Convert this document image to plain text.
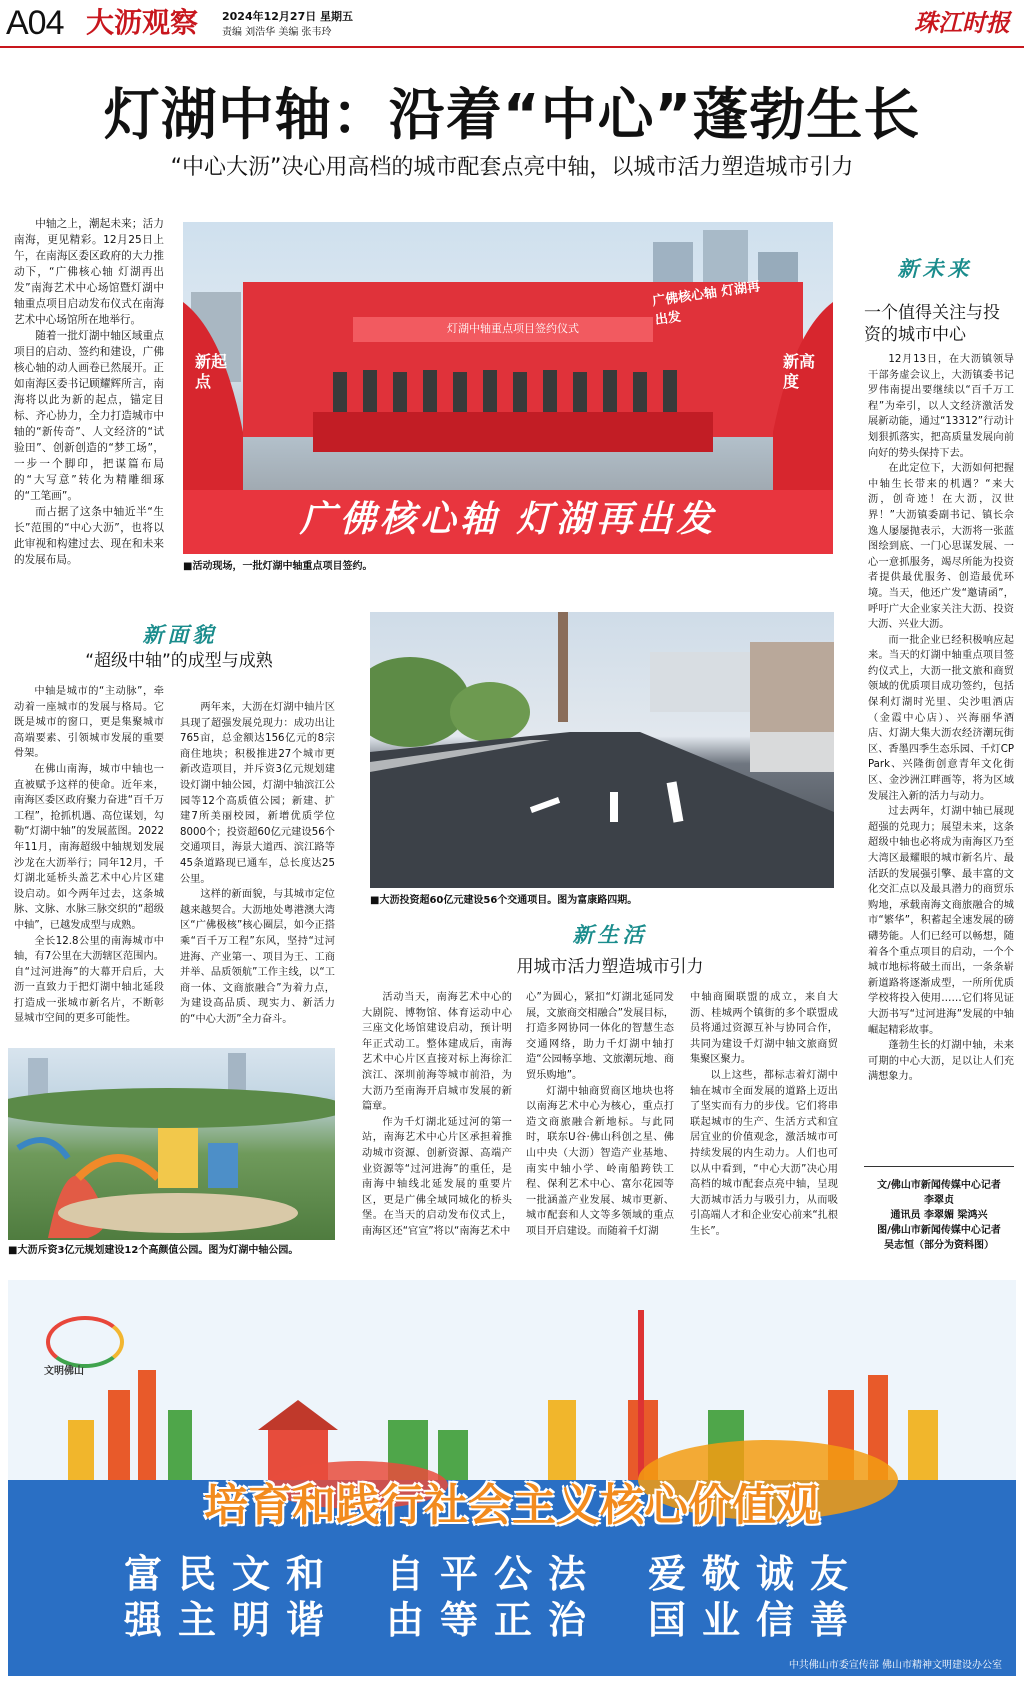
A04 大沥观察 2024年12月27日 星期五
责编 刘浩华 美编 张韦玲	珠江时报
灯湖中轴：沿着“中心”蓬勃生长
“中心大沥”决心用高档的城市配套点亮中轴，以城市活力塑造城市引力

中轴之上，潮起未来；活力南海，更见精彩。12月25日上午，在南海区委区政府的大力推动下，“广佛核心轴 灯湖再出发”南海艺术中心场馆暨灯湖中轴重点项目启动发布仪式在南海艺术中心场馆所在地举行。

随着一批灯湖中轴区域重点项目的启动、签约和建设，广佛核心轴的动人画卷已然展开。正如南海区委书记顾耀辉所言，南海将以此为新的起点，锚定目标、齐心协力，全力打造城市中轴的“新传奇”、人文经济的“试验田”、创新创造的“梦工场”，一步一个脚印，把谋篇布局的“大写意”转化为精雕细琢的“工笔画”。

而占据了这条中轴近半“生长”范围的“中心大沥”，也将以此审视和构建过去、现在和未来的发展布局。

灯湖中轴重点项目签约仪式
新起点
新高度
广佛核心轴 灯湖再出发
广佛核心轴 灯湖再出发
■活动现场，一批灯湖中轴重点项目签约。
新未来
一个值得关注与投资的城市中心

12月13日，在大沥镇领导干部务虚会议上，大沥镇委书记罗伟南提出要继续以“百千万工程”为牵引，以人文经济激活发展新动能，通过“13312”行动计划狠抓落实，把高质量发展向前向好的势头保持下去。

在此定位下，大沥如何把握中轴生长带来的机遇？“来大沥，创奇迹！在大沥，汉世界！”大沥镇委副书记、镇长佘逸人屡屡抛表示，大沥将一张蓝图绘到底、一门心思谋发展、一心一意抓服务，竭尽所能为投资者提供最优服务、创造最优环境。当天，他还广发“邀请函”，呼吁广大企业家关注大沥、投资大沥、兴业大沥。

而一批企业已经积极响应起来。当天的灯湖中轴重点项目签约仪式上，大沥一批文旅和商贸领域的优质项目成功签约，包括保利灯湖时光里、尖沙咀酒店（金霞中心店）、兴海丽华酒店、灯湖大集大沥农经济潮玩街区、香墨四季生态乐园、千灯CP Park、兴隆街创意青年文化街区、金沙洲江畔画等，将为区域发展注入新的活力与动力。

过去两年，灯湖中轴已展现超强的兑现力；展望未来，这条超级中轴也必将成为南海区乃至大湾区最耀眼的城市新名片、最活跃的发展强引擎、最丰富的文化交汇点以及最具潜力的商贸乐购地，承载南海文商旅融合的城市“繁华”，积蓄起全速发展的磅礴势能。人们已经可以畅想，随着各个重点项目的启动，一个个城市地标将破土而出，一条条崭新道路将逐渐成型，一所所优质学校将投入使用……它们将见证大沥书写“过河进海”发展的中轴崛起精彩故事。

蓬勃生长的灯湖中轴，未来可期的中心大沥，足以让人们充满想象力。

文/佛山市新闻传媒中心记者
李翠贞
通讯员 李翠媚 梁鸿兴
图/佛山市新闻传媒中心记者
吴志恒（部分为资料图）
新面貌
“超级中轴”的成型与成熟

中轴是城市的“主动脉”，牵动着一座城市的发展与格局。它既是城市的窗口，更是集聚城市高端要素、引领城市发展的重要骨架。

在佛山南海，城市中轴也一直被赋予这样的使命。近年来，南海区委区政府聚力奋进“百千万工程”，抢抓机遇、高位谋划，勾勒“灯湖中轴”的发展蓝图。2022年11月，南海超级中轴规划发展沙龙在大沥举行；同年12月，千灯湖北延桥头盖艺术中心片区建设启动。如今两年过去，这条城脉、文脉、水脉三脉交织的“超级中轴”，已越发成型与成熟。

全长12.8公里的南海城市中轴，有7公里在大沥辖区范围内。自“过河进海”的大幕开启后，大沥一直致力于把灯湖中轴北延段打造成一张城市新名片，不断彰显城市空间的更多可能性。

两年来，大沥在灯湖中轴片区具现了超强发展兑现力：成功出让765亩，总金额达156亿元的8宗商住地块；积极推进27个城市更新改造项目，并斥资3亿元规划建设灯湖中轴公园，灯湖中轴滨江公园等12个高质值公园；新建、扩建7所美丽校园，新增优质学位8000个；投资超60亿元建设56个交通项目，海景大道西、滨江路等45条道路现已通车，总长度达25公里。

这样的新面貌，与其城市定位越来越契合。大沥地处粤港澳大湾区“广佛极核”核心圈层，如今正搭乘“百千万工程”东风，坚持“过河进海、产业第一、项目为王、工商并举、品质领航”工作主线，以“工商一体、文商旅融合”为着力点，为建设高品质、现实力、新活力的“中心大沥”全力奋斗。

■大沥投资超60亿元建设56个交通项目。图为富康路四期。
■大沥斥资3亿元规划建设12个高颜值公园。图为灯湖中轴公园。
新生活
用城市活力塑造城市引力

活动当天，南海艺术中心的大剧院、博物馆、体育运动中心三座文化场馆建设启动，预计明年正式动工。整体建成后，南海艺术中心片区直接对标上海徐汇滨江、深圳前海等城市前沿，为大沥乃至南海开启城市发展的新篇章。

作为千灯湖北延过河的第一站，南海艺术中心片区承担着推动城市资源、创新资源、高端产业资源等“过河进海”的重任，是南海中轴线北延发展的重要片区，更是广佛全域同城化的桥头堡。在当天的启动发布仪式上，南海区还“官宣”将以“南海艺术中

心”为圆心，紧扣“灯湖北延同发展，文旅商交相融合”发展目标，打造多网协同一体化的智慧生态交通网络，助力千灯湖中轴打造“公园畅享地、文旅潮玩地、商贸乐购地”。

灯湖中轴商贸商区地块也将以南海艺术中心为核心，重点打造文商旅融合新地标。与此同时，联东U谷·佛山科创之星、佛山中央（大沥）智造产业基地、南实中轴小学、岭南船跨铁工程、保利艺术中心、富尔花园等一批涵盖产业发展、城市更新、城市配套和人文等多领域的重点项目开启建设。而随着千灯湖

中轴商圈联盟的成立，来自大沥、桂城两个镇街的多个联盟成员将通过资源互补与协同合作，共同为建设千灯湖中轴文旅商贸集聚区聚力。

以上这些，都标志着灯湖中轴在城市全面发展的道路上迈出了坚实而有力的步伐。它们将串联起城市的生产、生活方式和宜居宜业的价值观念，激活城市可持续发展的内生动力。人们也可以从中看到，“中心大沥”决心用高档的城市配套点亮中轴，呈现大沥城市活力与吸引力，从而吸引高端人才和企业安心前来“扎根生长”。

文明佛山
培育和践行社会主义核心价值观
富
强
民
主
文
明
和
谐
自
由
平
等
公
正
法
治
爱
国
敬
业
诚
信
友
善
中共佛山市委宣传部 佛山市精神文明建设办公室
